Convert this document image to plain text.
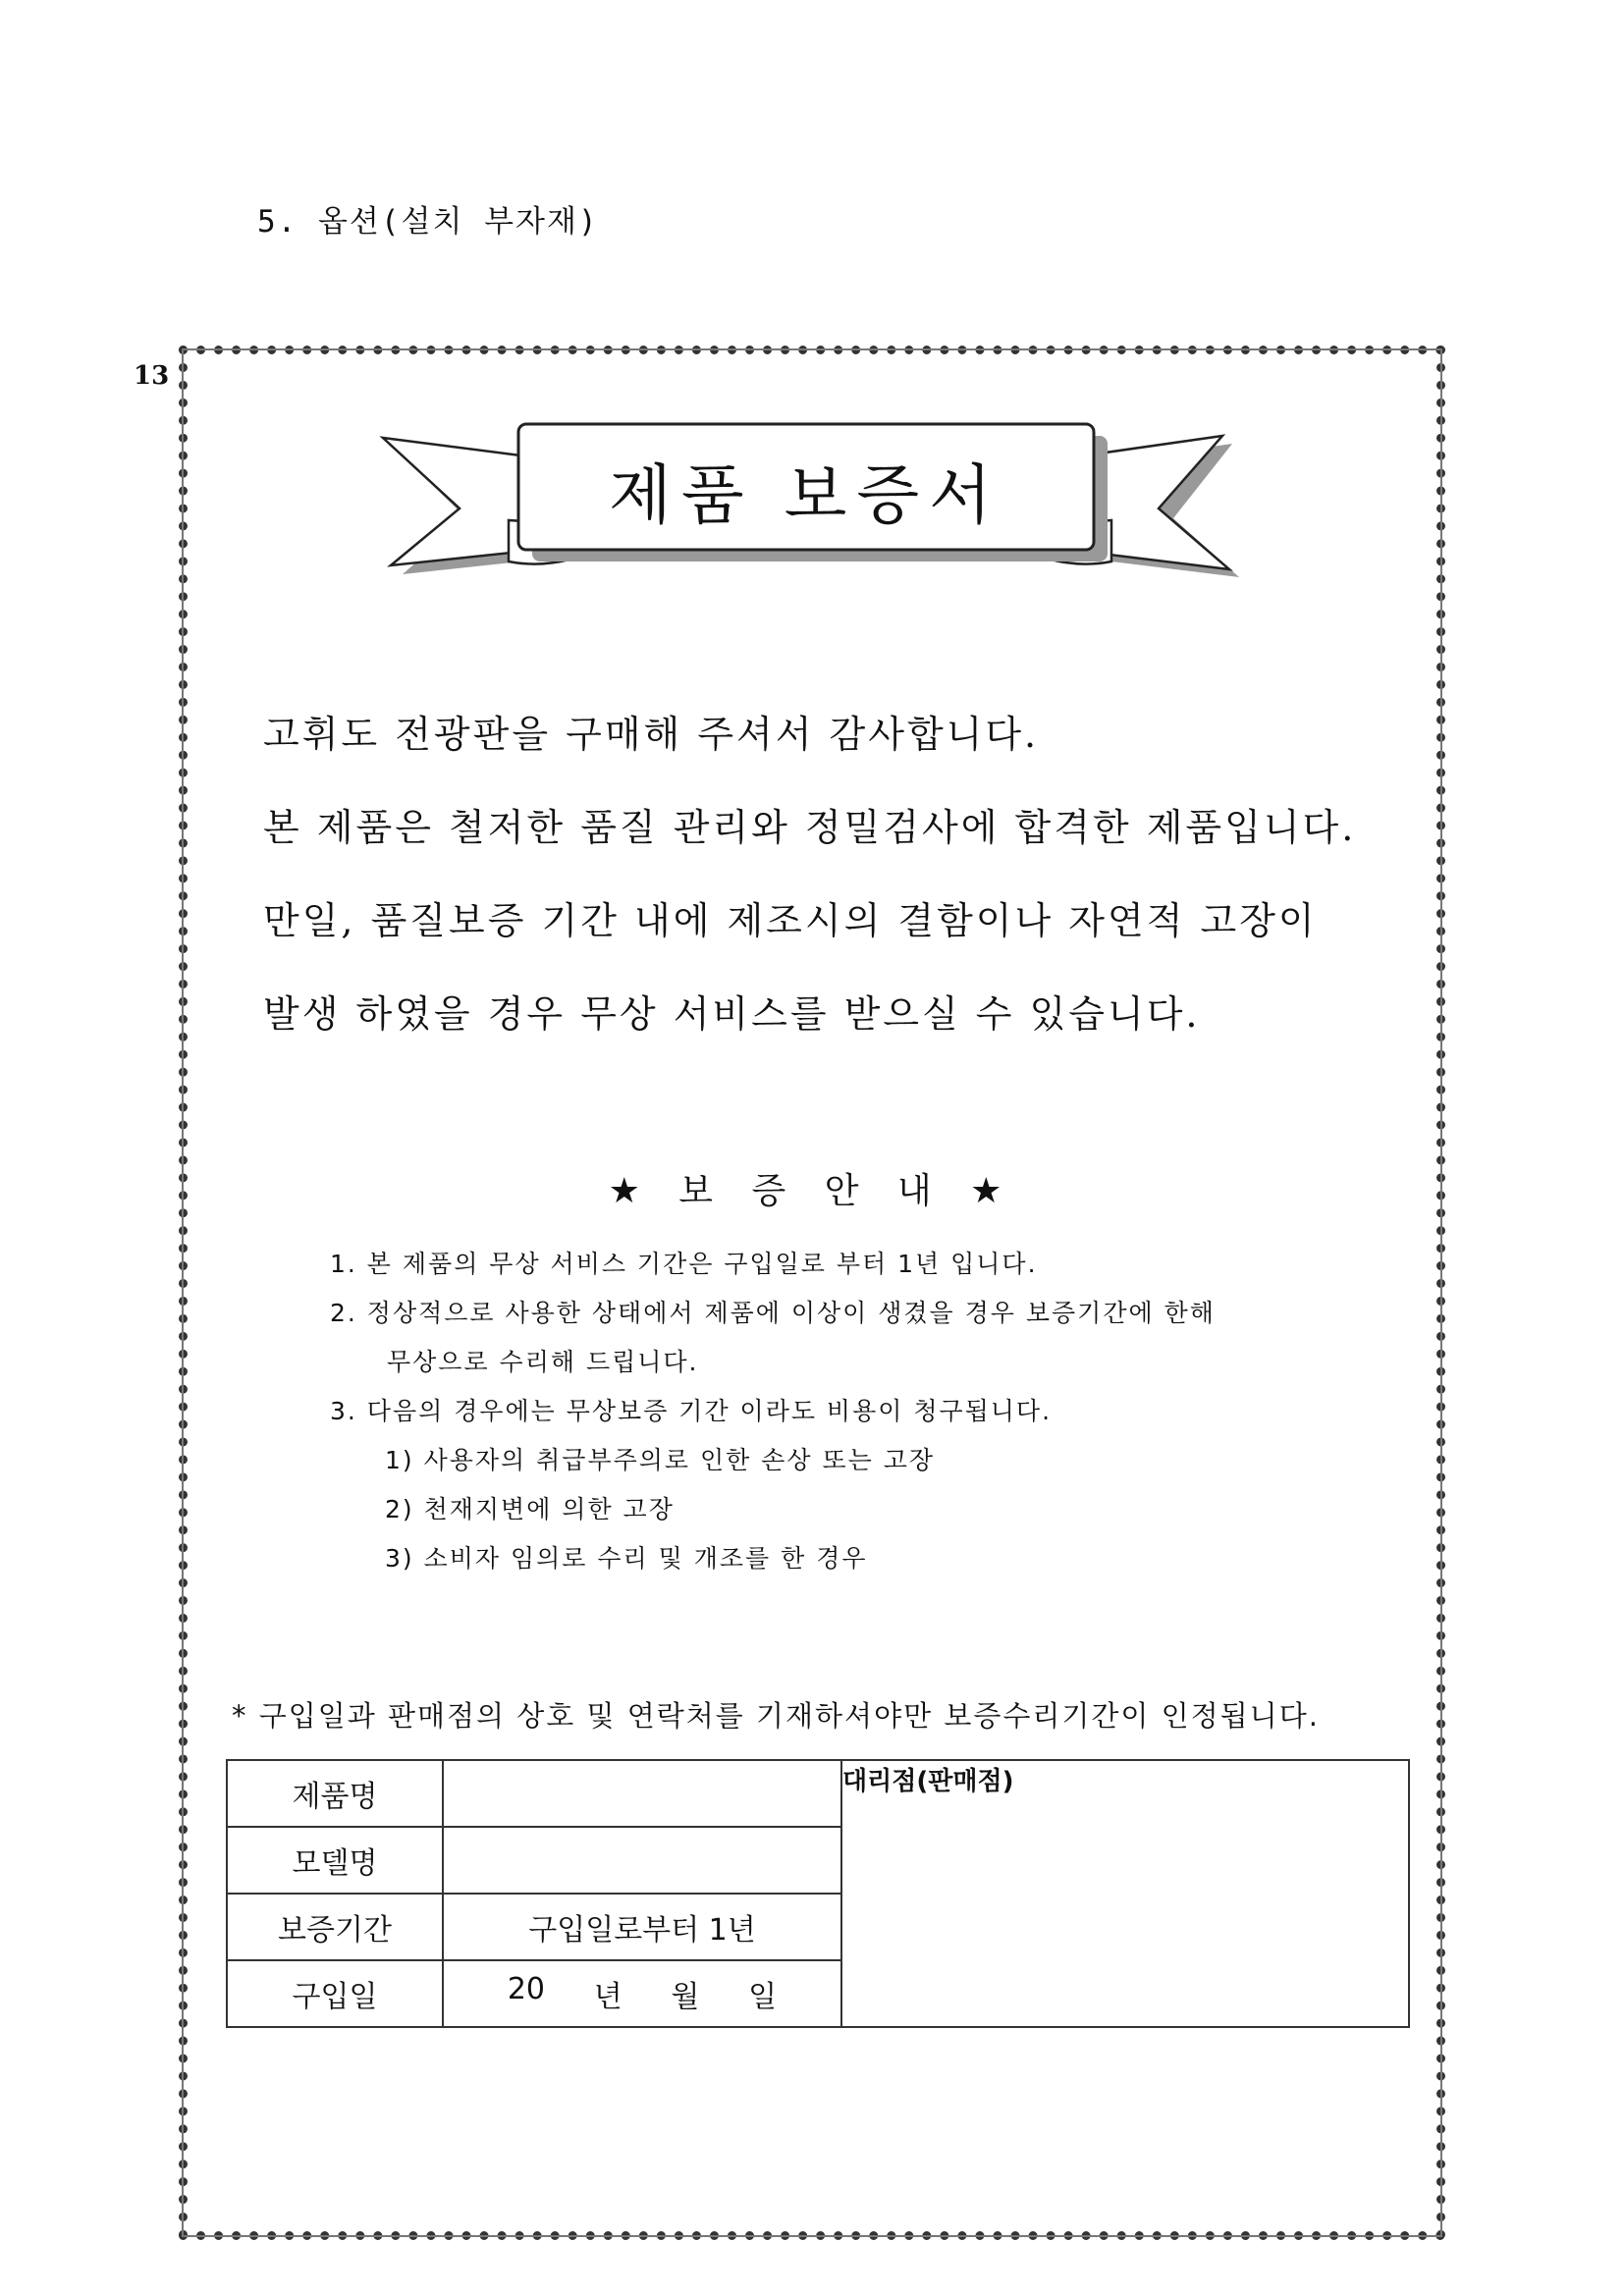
5. 옵션(설치 부자재)
13
제품 보증서

고휘도 전광판을 구매해 주셔서 감사합니다.

본 제품은 철저한 품질 관리와 정밀검사에 합격한 제품입니다.

만일, 품질보증 기간 내에 제조시의 결함이나 자연적 고장이

발생 하였을 경우 무상 서비스를 받으실 수 있습니다.

★ 보 증 안 내 ★
1. 본 제품의 무상 서비스 기간은 구입일로 부터 1년 입니다.
2. 정상적으로 사용한 상태에서 제품에 이상이 생겼을 경우 보증기간에 한해
무상으로 수리해 드립니다.
3. 다음의 경우에는 무상보증 기간 이라도 비용이 청구됩니다.
1) 사용자의 취급부주의로 인한 손상 또는 고장
2) 천재지변에 의한 고장
3) 소비자 임의로 수리 및 개조를 한 경우
* 구입일과 판매점의 상호 및 연락처를 기재하셔야만 보증수리기간이 인정됩니다.
제품명		대리점(판매점)
모델명		
보증기간	구입일로부터 1년	
구입일	20 년 월 일	
